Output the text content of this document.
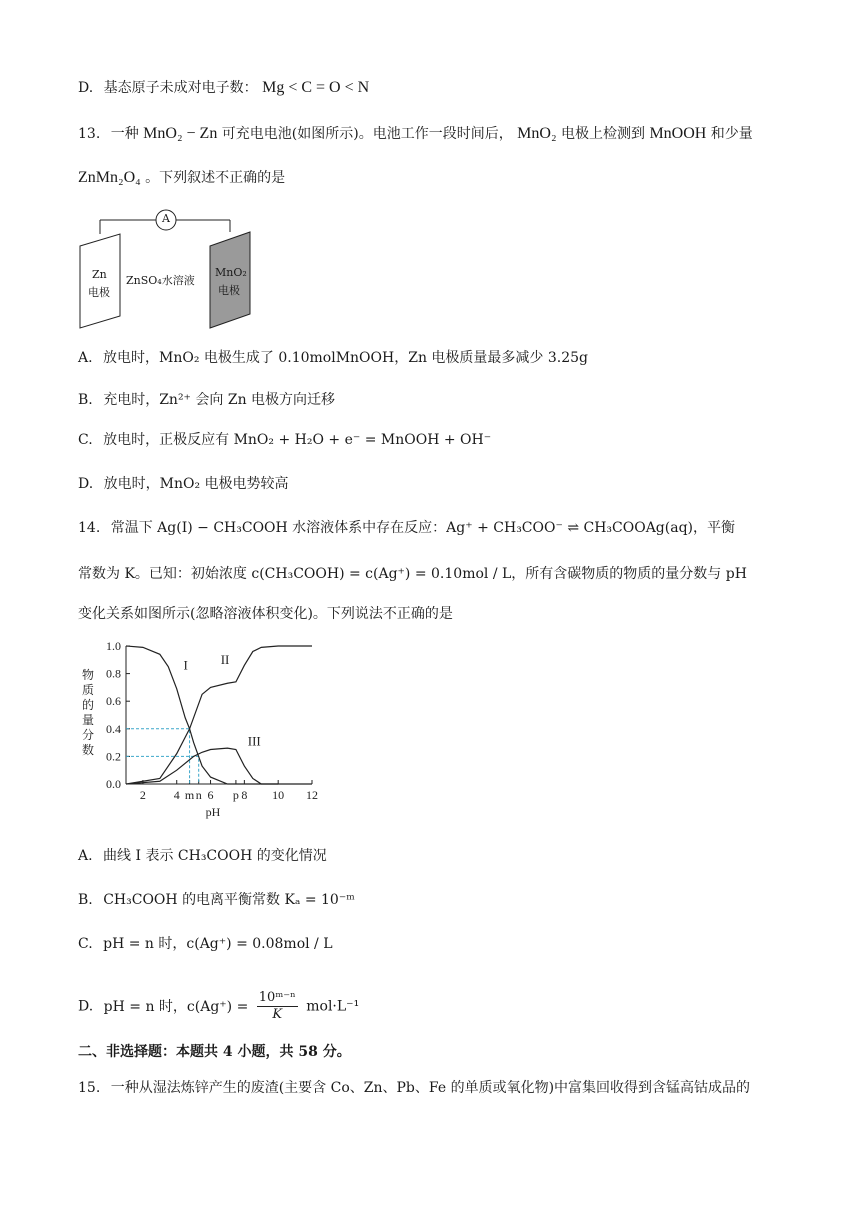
D. 基态原子未成对电子数： Mg < C = O < N
13. 一种 MnO₂ − Zn 可充电电池(如图所示)。电池工作一段时间后， MnO₂ 电极上检测到 MnOOH 和少量
ZnMn₂O₄ 。下列叙述不正确的是
A
Zn
电极
ZnSO₄水溶液
MnO₂
电极
A. 放电时，MnO₂ 电极生成了 0.10molMnOOH，Zn 电极质量最多减少 3.25g
B. 充电时，Zn²⁺ 会向 Zn 电极方向迁移
C. 放电时，正极反应有 MnO₂ + H₂O + e⁻ = MnOOH + OH⁻
D. 放电时，MnO₂ 电极电势较高
14. 常温下 Ag(I) − CH₃COOH 水溶液体系中存在反应：Ag⁺ + CH₃COO⁻ ⇌ CH₃COOAg(aq)，平衡
常数为 K。已知：初始浓度 c(CH₃COOH) = c(Ag⁺) = 0.10mol / L，所有含碳物质的物质的量分数与 pH
变化关系如图所示(忽略溶液体积变化)。下列说法不正确的是
0.0
0.2
0.4
0.6
0.8
1.0
2 4 m n 6 p 8 10 12
pH
I	II
III
物质的量分数
A. 曲线 I 表示 CH₃COOH 的变化情况
B. CH₃COOH 的电离平衡常数 Kₐ = 10⁻ᵐ
C. pH = n 时，c(Ag⁺) = 0.08mol / L
D. pH = n 时，$c(Ag^+) = \frac{\text{10ᵐ⁻ⁿ}}{K} mol\cdot L^{-1}$
二、非选择题：本题共 4 小题，共 58 分。
15. 一种从湿法炼锌产生的废渣(主要含 Co、Zn、Pb、Fe 的单质或氧化物)中富集回收得到含锰高钴成品的
